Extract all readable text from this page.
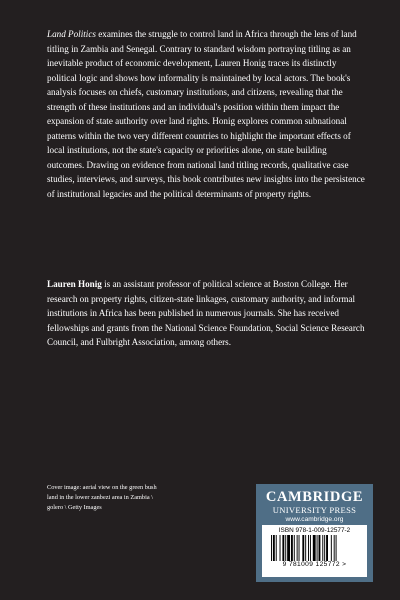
Land Politics examines the struggle to control land in Africa through the lens of land titling in Zambia and Senegal. Contrary to standard wisdom portraying titling as an inevitable product of economic development, Lauren Honig traces its distinctly political logic and shows how informality is maintained by local actors. The book's analysis focuses on chiefs, customary institutions, and citizens, revealing that the strength of these institutions and an individual's position within them impact the expansion of state authority over land rights. Honig explores common subnational patterns within the two very different countries to highlight the important effects of local institutions, not the state's capacity or priorities alone, on state building outcomes. Drawing on evidence from national land titling records, qualitative case studies, interviews, and surveys, this book contributes new insights into the persistence of institutional legacies and the political determinants of property rights.

Lauren Honig is an assistant professor of political science at Boston College. Her research on property rights, citizen-state linkages, customary authority, and informal institutions in Africa has been published in numerous journals. She has received fellowships and grants from the National Science Foundation, Social Science Research Council, and Fulbright Association, among others.

Cover image: aerial view on the green bush
land in the lower zanbezi area in Zambia \
golero \ Getty Images

CAMBRIDGE
UNIVERSITY PRESS
www.cambridge.org
ISBN 978-1-009-12577-2
9 781009 125772 >
